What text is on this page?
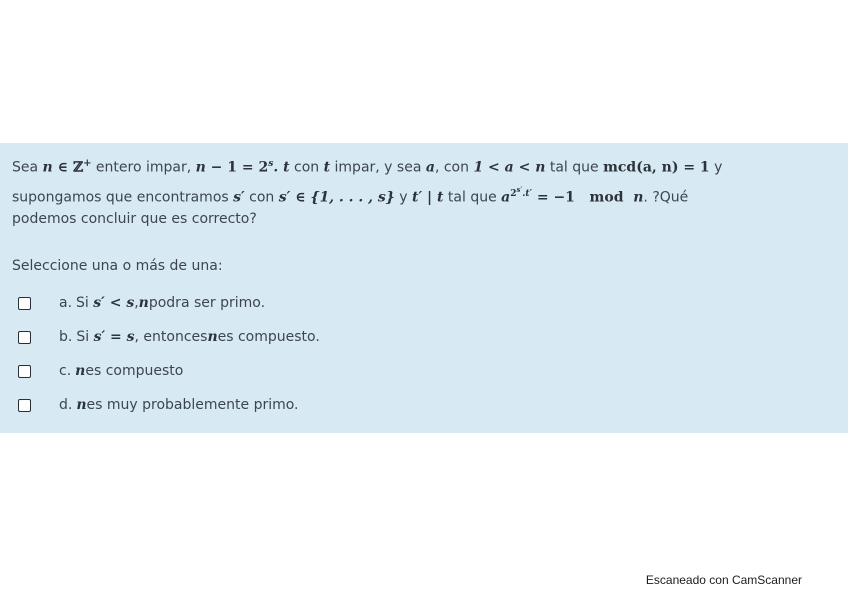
Sea n ∈ ℤ+ entero impar, $n - 1 = 2^s$. t con t impar, y sea a, con 1 < a < n tal que mcd(a, n) = 1 y
supongamos que encontramos s′ con s′ ∈ {1, . . . , s} y t′ | t tal que $a^{2^{s'}.t'} = -1$   mod  n. ?Qué
podemos concluir que es correcto?
Seleccione una o más de una:
a. Si
s′ < s , n podra ser primo.
b. Si
s′ = s , entonces n es compuesto.
c. n es compuesto
d. n es muy probablemente primo.
Escaneado con CamScanner
